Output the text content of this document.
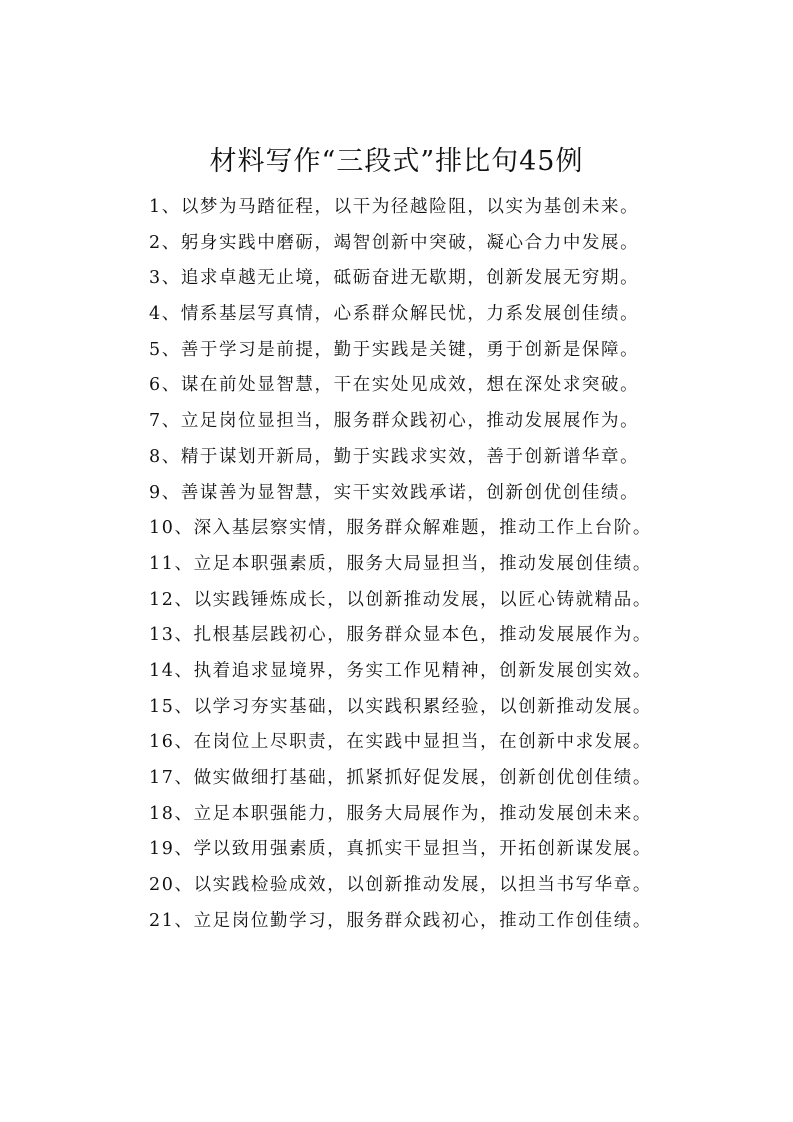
材料写作“三段式”排比句45例
1、以梦为马踏征程，以干为径越险阻，以实为基创未来。
2、躬身实践中磨砺，竭智创新中突破，凝心合力中发展。
3、追求卓越无止境，砥砺奋进无歇期，创新发展无穷期。
4、情系基层写真情，心系群众解民忧，力系发展创佳绩。
5、善于学习是前提，勤于实践是关键，勇于创新是保障。
6、谋在前处显智慧，干在实处见成效，想在深处求突破。
7、立足岗位显担当，服务群众践初心，推动发展展作为。
8、精于谋划开新局，勤于实践求实效，善于创新谱华章。
9、善谋善为显智慧，实干实效践承诺，创新创优创佳绩。
10、深入基层察实情，服务群众解难题，推动工作上台阶。
11、立足本职强素质，服务大局显担当，推动发展创佳绩。
12、以实践锤炼成长，以创新推动发展，以匠心铸就精品。
13、扎根基层践初心，服务群众显本色，推动发展展作为。
14、执着追求显境界，务实工作见精神，创新发展创实效。
15、以学习夯实基础，以实践积累经验，以创新推动发展。
16、在岗位上尽职责，在实践中显担当，在创新中求发展。
17、做实做细打基础，抓紧抓好促发展，创新创优创佳绩。
18、立足本职强能力，服务大局展作为，推动发展创未来。
19、学以致用强素质，真抓实干显担当，开拓创新谋发展。
20、以实践检验成效，以创新推动发展，以担当书写华章。
21、立足岗位勤学习，服务群众践初心，推动工作创佳绩。
